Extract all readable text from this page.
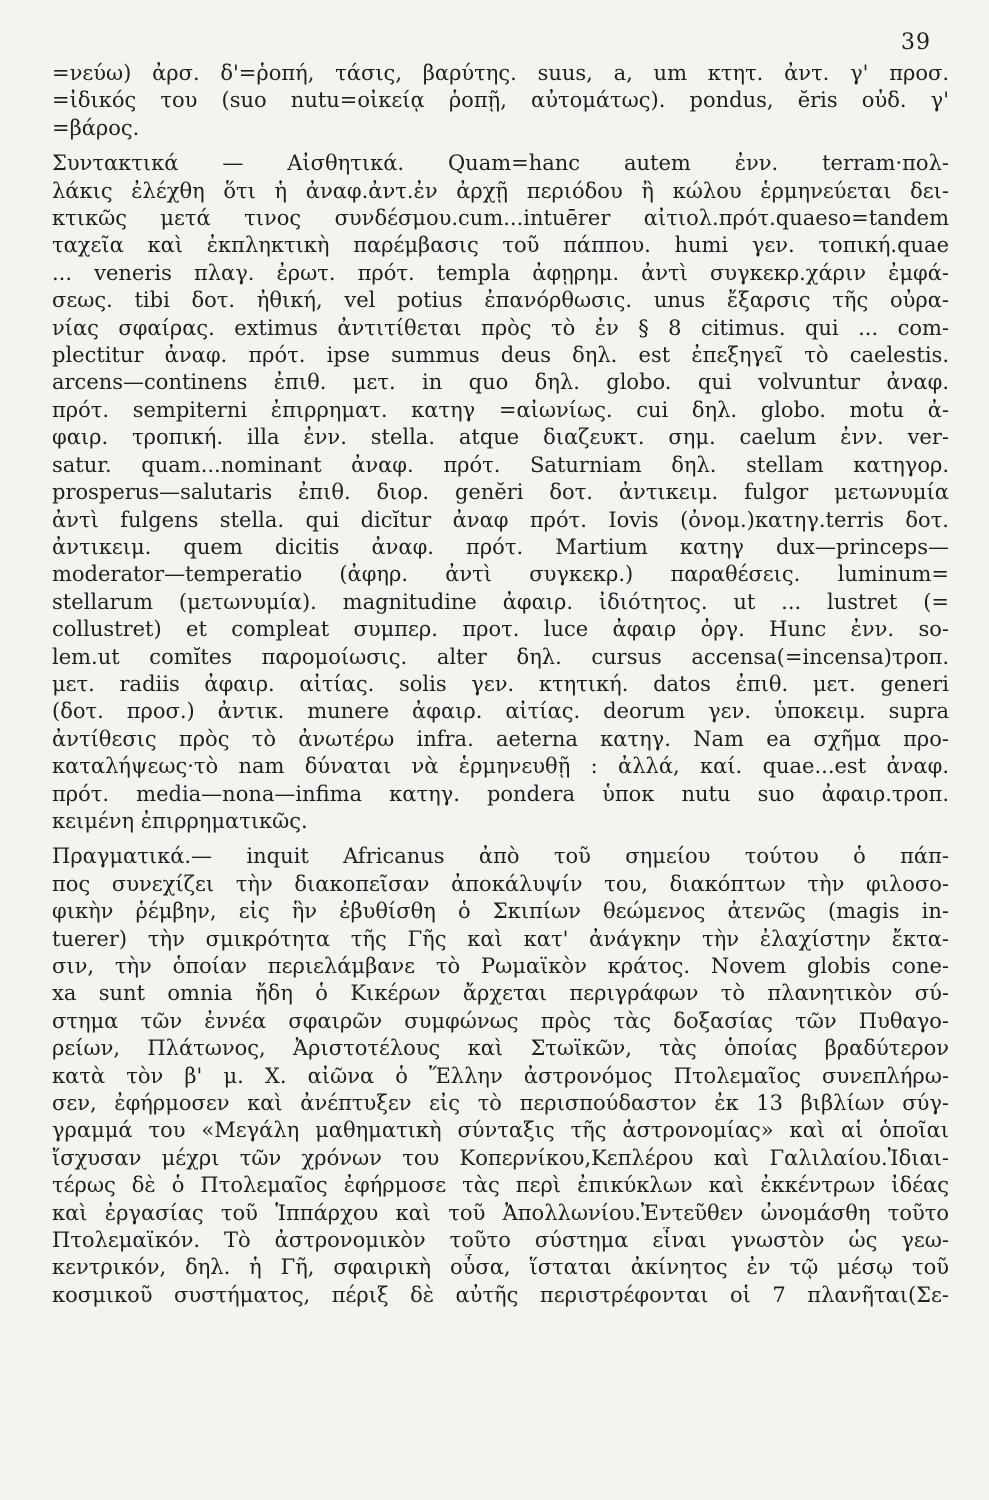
39

=νεύω) ἀρσ. δ'=ῥοπή, τάσις, βαρύτης. suus, a, um κτητ. ἀντ. γ' προσ.

=ἰδικός του (suo nutu=οἰκείᾳ ῥοπῇ, αὐτομάτως). pondus, ĕris οὐδ. γ'

=βάρος.

Συντακτικά — Αἰσθητικά. Quam=hanc autem ἐνν. terram·πολ-

λάκις ἐλέχθη ὅτι ἡ ἀναφ.ἀντ.ἐν ἀρχῇ περιόδου ἢ κώλου ἑρμηνεύεται δει-

κτικῶς μετά τινος συνδέσμου.cum...intuērer αἰτιολ.πρότ.quaeso=tandem

ταχεῖα καὶ ἐκπληκτικὴ παρέμβασις τοῦ πάππου. humi γεν. τοπική.quae

... veneris πλαγ. ἐρωτ. πρότ. templa ἀφῃρημ. ἀντὶ συγκεκρ.χάριν ἐμφά-

σεως. tibi δοτ. ἠθική, vel potius ἐπανόρθωσις. unus ἔξαρσις τῆς οὐρα-

νίας σφαίρας. extimus ἀντιτίθεται πρὸς τὸ ἐν § 8 citimus. qui ... com-

plectitur ἀναφ. πρότ. ipse summus deus δηλ. est ἐπεξηγεῖ τὸ caelestis.

arcens—continens ἐπιθ. μετ. in quo δηλ. globo. qui volvuntur ἀναφ.

πρότ. sempiterni ἐπιρρηματ. κατηγ =αἰωνίως. cui δηλ. globo. motu ἀ-

φαιρ. τροπική. illa ἐνν. stella. atque διαζευκτ. σημ. caelum ἐνν. ver-

satur. quam...nominant ἀναφ. πρότ. Saturniam δηλ. stellam κατηγορ.

prosperus—salutaris ἐπιθ. διορ. genĕri δοτ. ἀντικειμ. fulgor μετωνυμία

ἀντὶ fulgens stella. qui dicĭtur ἀναφ πρότ. Iovis (ὀνομ.)κατηγ.terris δοτ.

ἀντικειμ. quem dicitis ἀναφ. πρότ. Martium κατηγ dux—princeps—

moderator—temperatio (ἀφηρ. ἀντὶ συγκεκρ.) παραθέσεις. luminum=

stellarum (μετωνυμία). magnitudine ἀφαιρ. ἰδιότητος. ut ... lustret (=

collustret) et compleat συμπερ. προτ. luce ἀφαιρ ὀργ. Hunc ἐνν. so-

lem.ut comĭtes παρομοίωσις. alter δηλ. cursus accensa(=incensa)τροπ.

μετ. radiis ἀφαιρ. αἰτίας. solis γεν. κτητική. datos ἐπιθ. μετ. generi

(δοτ. προσ.) ἀντικ. munere ἀφαιρ. αἰτίας. deorum γεν. ὑποκειμ. supra

ἀντίθεσις πρὸς τὸ ἀνωτέρω infra. aeterna κατηγ. Nam ea σχῆμα προ-

καταλήψεως·τὸ nam δύναται νὰ ἑρμηνευθῇ : ἀλλά, καί. quae...est ἀναφ.

πρότ. media—nona—infima κατηγ. pondera ὑποκ nutu suo ἀφαιρ.τροπ.

κειμένη ἐπιρρηματικῶς.

Πραγματικά.— inquit Africanus ἀπὸ τοῦ σημείου τούτου ὁ πάπ-

πος συνεχίζει τὴν διακοπεῖσαν ἀποκάλυψίν του, διακόπτων τὴν φιλοσο-

φικὴν ῥέμβην, εἰς ἣν ἐβυθίσθη ὁ Σκιπίων θεώμενος ἀτενῶς (magis in-

tuerer) τὴν σμικρότητα τῆς Γῆς καὶ κατ' ἀνάγκην τὴν ἐλαχίστην ἔκτα-

σιν, τὴν ὁποίαν περιελάμβανε τὸ Ρωμαϊκὸν κράτος. Novem globis cone-

xa sunt omnia ἤδη ὁ Κικέρων ἄρχεται περιγράφων τὸ πλανητικὸν σύ-

στημα τῶν ἐννέα σφαιρῶν συμφώνως πρὸς τὰς δοξασίας τῶν Πυθαγο-

ρείων, Πλάτωνος, Ἀριστοτέλους καὶ Στωϊκῶν, τὰς ὁποίας βραδύτερον

κατὰ τὸν β' μ. Χ. αἰῶνα ὁ Ἕλλην ἀστρονόμος Πτολεμαῖος συνεπλήρω-

σεν, ἐφήρμοσεν καὶ ἀνέπτυξεν εἰς τὸ περισπούδαστον ἐκ 13 βιβλίων σύγ-

γραμμά του «Μεγάλη μαθηματικὴ σύνταξις τῆς ἀστρονομίας» καὶ αἱ ὁποῖαι

ἴσχυσαν μέχρι τῶν χρόνων του Κοπερνίκου,Κεπλέρου καὶ Γαλιλαίου.Ἰδιαι-

τέρως δὲ ὁ Πτολεμαῖος ἐφήρμοσε τὰς περὶ ἐπικύκλων καὶ ἐκκέντρων ἰδέας

καὶ ἐργασίας τοῦ Ἱππάρχου καὶ τοῦ Ἀπολλωνίου.Ἐντεῦθεν ὠνομάσθη τοῦτο

Πτολεμαϊκόν. Τὸ ἀστρονομικὸν τοῦτο σύστημα εἶναι γνωστὸν ὡς γεω-

κεντρικόν, δηλ. ἡ Γῆ, σφαιρικὴ οὖσα, ἵσταται ἀκίνητος ἐν τῷ μέσῳ τοῦ

κοσμικοῦ συστήματος, πέριξ δὲ αὐτῆς περιστρέφονται οἱ 7 πλανῆται(Σε-
